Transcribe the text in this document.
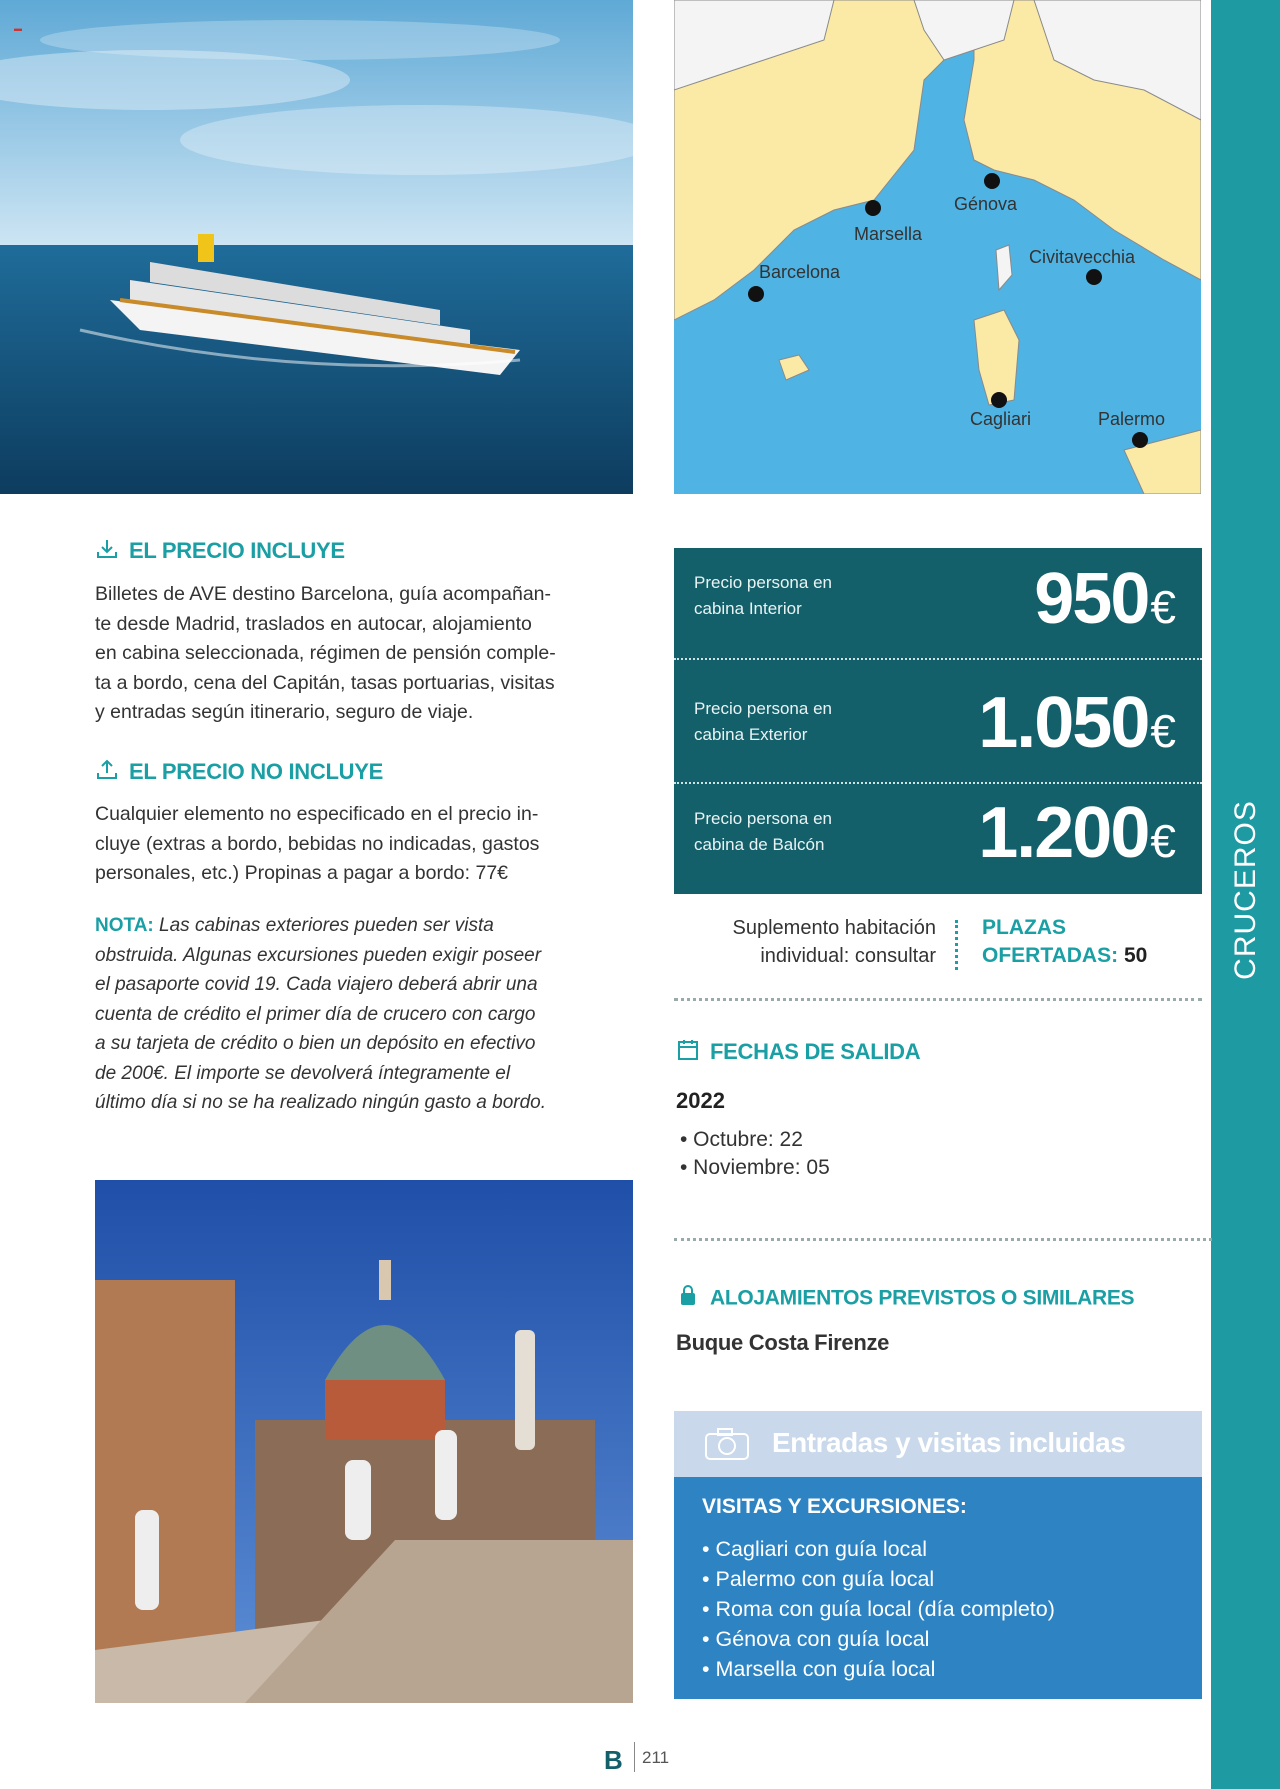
CRUCEROS
▬
Génova
Marsella
Barcelona
Civitavecchia
Cagliari	Palermo
EL PRECIO INCLUYE
Billetes de AVE destino Barcelona, guía acompañan-
te desde Madrid, traslados en autocar, alojamiento
en cabina seleccionada, régimen de pensión comple-
ta a bordo, cena del Capitán, tasas portuarias, visitas
y entradas según itinerario, seguro de viaje.
EL PRECIO NO INCLUYE
Cualquier elemento no especificado en el precio in-
cluye (extras a bordo, bebidas no indicadas, gastos
personales, etc.) Propinas a pagar a bordo: 77€
NOTA: Las cabinas exteriores pueden ser vista
obstruida. Algunas excursiones pueden exigir poseer
el pasaporte covid 19. Cada viajero deberá abrir una
cuenta de crédito el primer día de crucero con cargo
a su tarjeta de crédito o bien un depósito en efectivo
de 200€. El importe se devolverá íntegramente el
último día si no se ha realizado ningún gasto a bordo.
Precio persona en
cabina Interior	950€
Precio persona en
cabina Exterior	1.050€
Precio persona en
cabina de Balcón	1.200€
Suplemento habitación
individual: consultar
PLAZAS
OFERTADAS: 50
FECHAS DE SALIDA
2022
• Octubre: 22
• Noviembre: 05
ALOJAMIENTOS PREVISTOS O SIMILARES
Buque Costa Firenze
Entradas y visitas incluidas
VISITAS Y EXCURSIONES:
• Cagliari con guía local
• Palermo con guía local
• Roma con guía local (día completo)
• Génova con guía local
• Marsella con guía local
B 211
